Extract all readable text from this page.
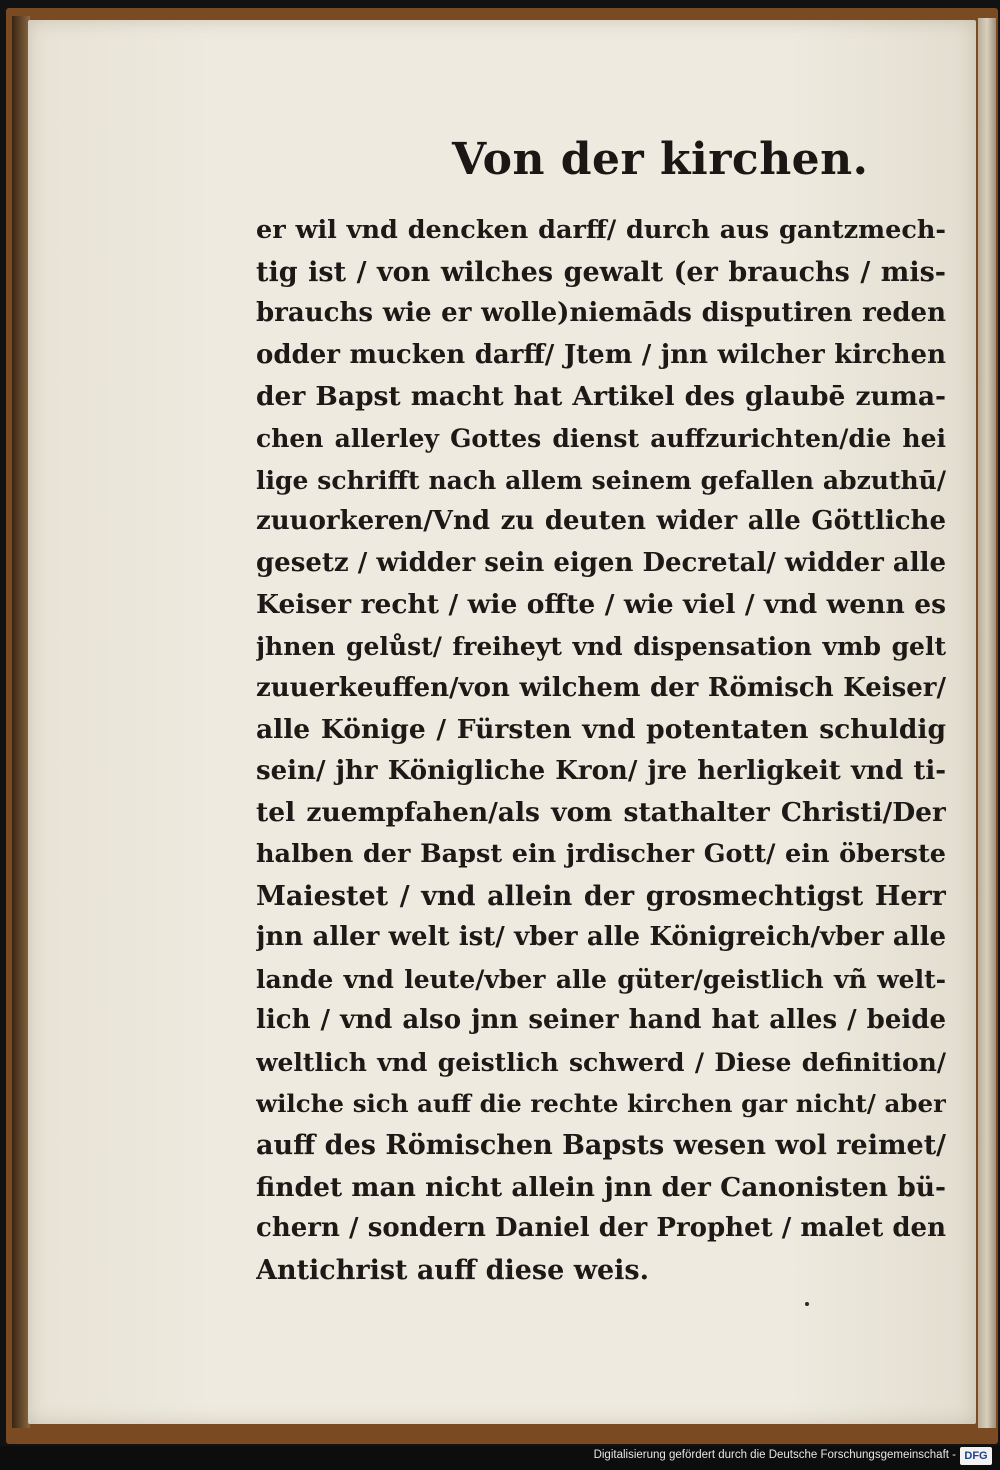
Von der kirchen.
er wil vnd dencken darff/ durch aus gantzmech-
tig ist / von wilches gewalt (er brauchs / mis-
brauchs wie er wolle)niemāds disputiren reden
odder mucken darff/ Jtem / jnn wilcher kirchen
der Bapst macht hat Artikel des glaubē zuma-
chen allerley Gottes dienst auffzurichten/die hei
lige schrifft nach allem seinem gefallen abzuthū/
zuuorkeren/Vnd zu deuten wider alle Göttliche
gesetz / widder sein eigen Decretal/ widder alle
Keiser recht / wie offte / wie viel / vnd wenn es
jhnen gelůst/ freiheyt vnd dispensation vmb gelt
zuuerkeuffen/von wilchem der Römisch Keiser/
alle Könige / Fürsten vnd potentaten schuldig
sein/ jhr Königliche Kron/ jre herligkeit vnd ti-
tel zuempfahen/als vom stathalter Christi/Der
halben der Bapst ein jrdischer Gott/ ein öberste
Maiestet / vnd allein der grosmechtigst Herr
jnn aller welt ist/ vber alle Königreich/vber alle
lande vnd leute/vber alle güter/geistlich vñ welt-
lich / vnd also jnn seiner hand hat alles / beide
weltlich vnd geistlich schwerd / Diese definition/
wilche sich auff die rechte kirchen gar nicht/ aber
auff des Römischen Bapsts wesen wol reimet/
findet man nicht allein jnn der Canonisten bü-
chern / sondern Daniel der Prophet / malet den
Antichrist auff diese weis.
Digitalisierung gefördert durch die Deutsche Forschungsgemeinschaft - DFG
